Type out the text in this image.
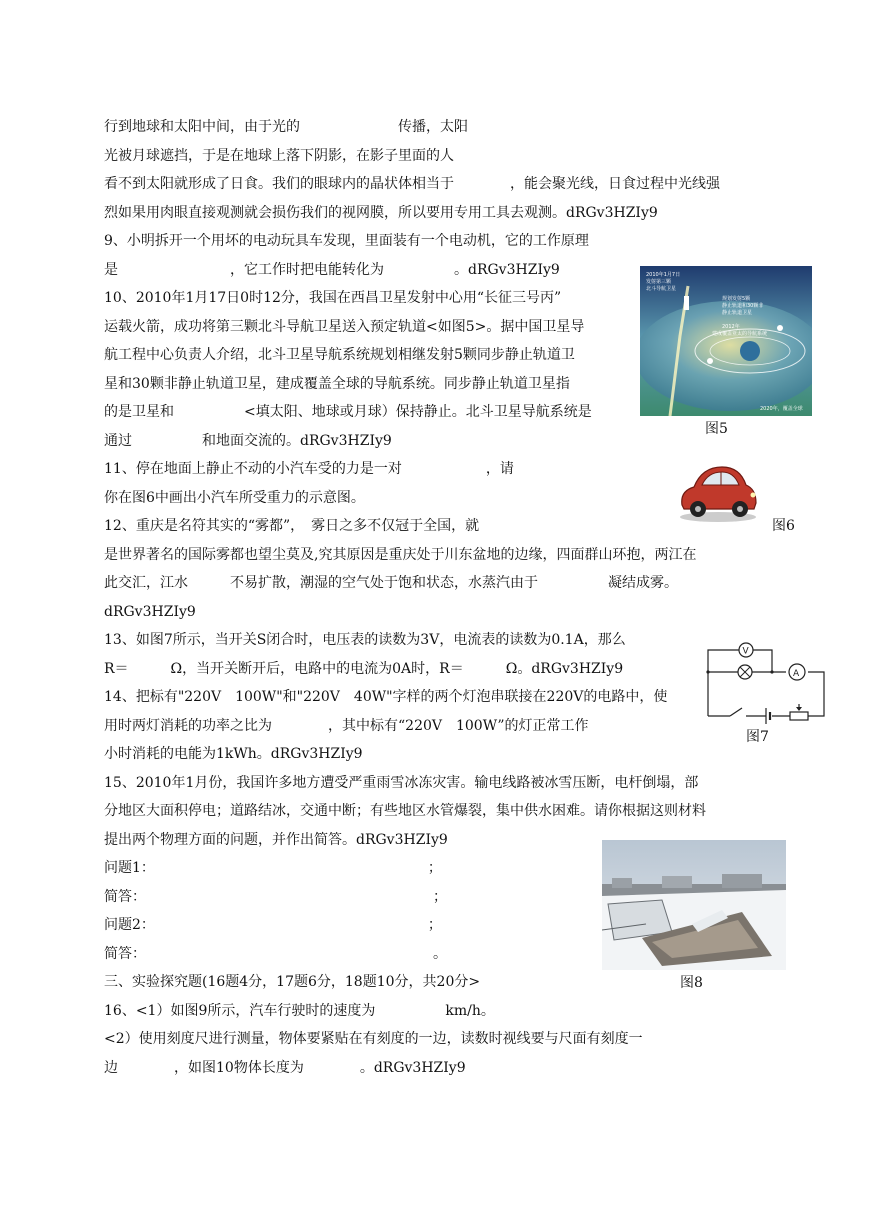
行到地球和太阳中间，由于光的　　　　　　　传播，太阳
光被月球遮挡，于是在地球上落下阴影，在影子里面的人
看不到太阳就形成了日食。我们的眼球内的晶状体相当于　　　　，能会聚光线，日食过程中光线强
烈如果用肉眼直接观测就会损伤我们的视网膜，所以要用专用工具去观测。dRGv3HZIy9
9、小明拆开一个用坏的电动玩具车发现，里面装有一个电动机，它的工作原理
是　　　　　　　　，它工作时把电能转化为　　　　　。dRGv3HZIy9
10、2010年1月17日0时12分，我国在西昌卫星发射中心用“长征三号丙”
运载火箭，成功将第三颗北斗导航卫星送入预定轨道<如图5>。据中国卫星导
航工程中心负责人介绍，北斗卫星导航系统规划相继发射5颗同步静止轨道卫
星和30颗非静止轨道卫星，建成覆盖全球的导航系统。同步静止轨道卫星指
的是卫星和　　　　　<填太阳、地球或月球）保持静止。北斗卫星导航系统是
通过　　　　　和地面交流的。dRGv3HZIy9
11、停在地面上静止不动的小汽车受的力是一对　　　　　　，请
你在图6中画出小汽车所受重力的示意图。
12、重庆是名符其实的“雾都”，　雾日之多不仅冠于全国，就
是世界著名的国际雾都也望尘莫及,究其原因是重庆处于川东盆地的边缘，四面群山环抱，两江在
此交汇，江水　　　不易扩散，潮湿的空气处于饱和状态，水蒸汽由于　　　　　凝结成雾。
dRGv3HZIy9
13、如图7所示，当开关S闭合时，电压表的读数为3V，电流表的读数为0.1A，那么
R＝　　　Ω，当开关断开后，电路中的电流为0A时，R＝　　　Ω。dRGv3HZIy9
14、把标有"220V　100W"和"220V　40W"字样的两个灯泡串联接在220V的电路中，使
用时两灯消耗的功率之比为　　　　，其中标有“220V　100W”的灯正常工作
小时消耗的电能为1kWh。dRGv3HZIy9
15、2010年1月份，我国许多地方遭受严重雨雪冰冻灾害。输电线路被冰雪压断，电杆倒塌，部
分地区大面积停电；道路结冰，交通中断；有些地区水管爆裂，集中供水困难。请你根据这则材料
提出两个物理方面的问题，并作出简答。dRGv3HZIy9
问题1：　　　　　　　　　　　　　　　　　　　　；
简答：　　　　　　　　　　　　　　　　　　　　　；
问题2：　　　　　　　　　　　　　　　　　　　　；
简答：　　　　　　　　　　　　　　　　　　　　　。
三、实验探究题(16题4分，17题6分，18题10分，共20分>
16、<1）如图9所示，汽车行驶时的速度为　　　　　km/h。
<2）使用刻度尺进行测量，物体要紧贴在有刻度的一边，读数时视线要与尺面有刻度一
边　　　　，如图10物体长度为　　　　。dRGv3HZIy9
2010年1月7日
发射第三颗
北斗导航卫星
规划发射5颗
静止轨道和30颗非
静止轨道卫星
2012年
建成覆盖亚太的导航系统
2020年，覆盖全球
图5
图6
V
A
图7
图8
